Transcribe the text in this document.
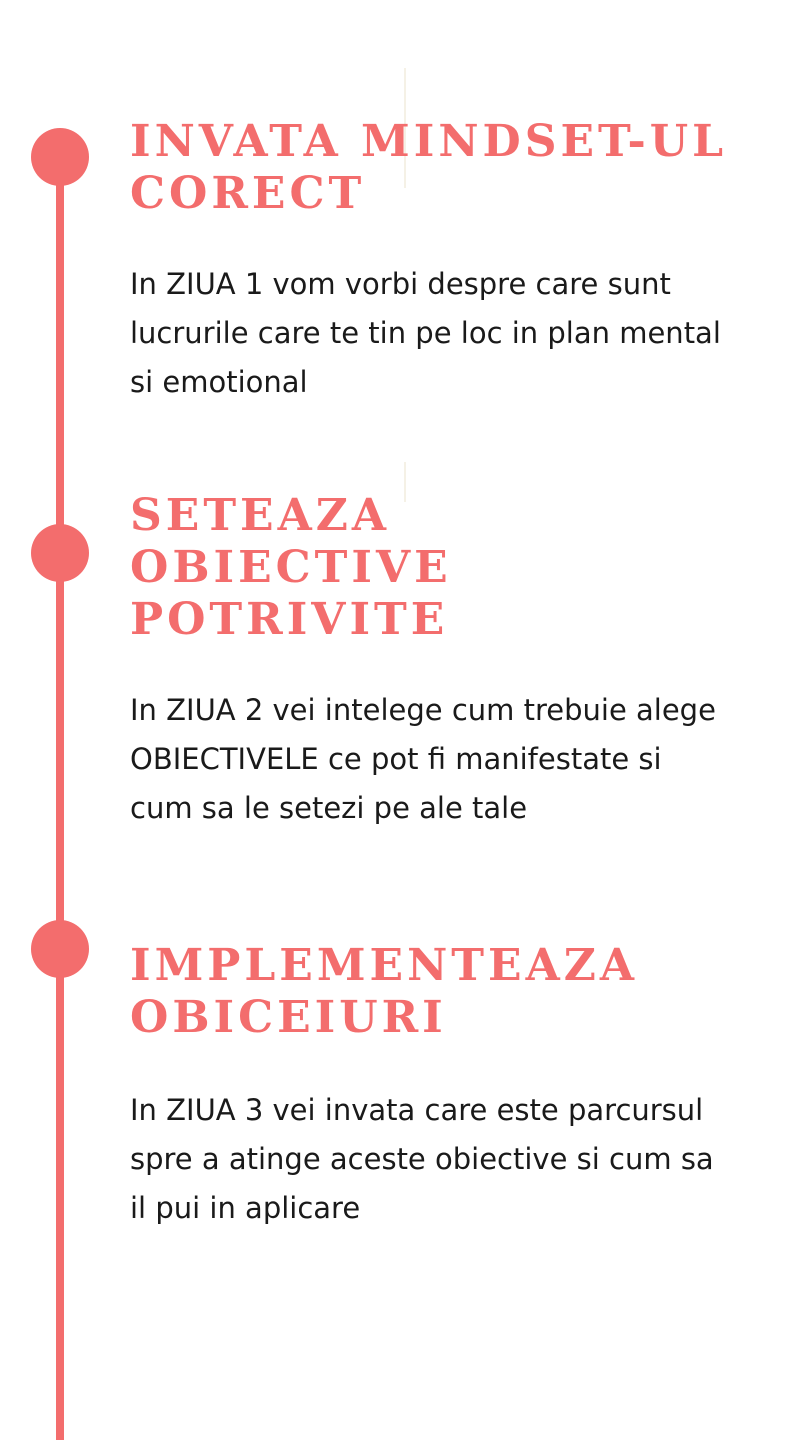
INVATA MINDSET-UL CORECT

In ZIUA 1 vom vorbi despre care sunt lucrurile care te tin pe loc in plan mental si emotional

SETEAZA OBIECTIVE POTRIVITE

In ZIUA 2 vei intelege cum trebuie alege OBIECTIVELE ce pot fi manifestate si cum sa le setezi pe ale tale

IMPLEMENTEAZA OBICEIURI

In ZIUA 3 vei invata care este parcursul spre a atinge aceste obiective si cum sa il pui in aplicare
